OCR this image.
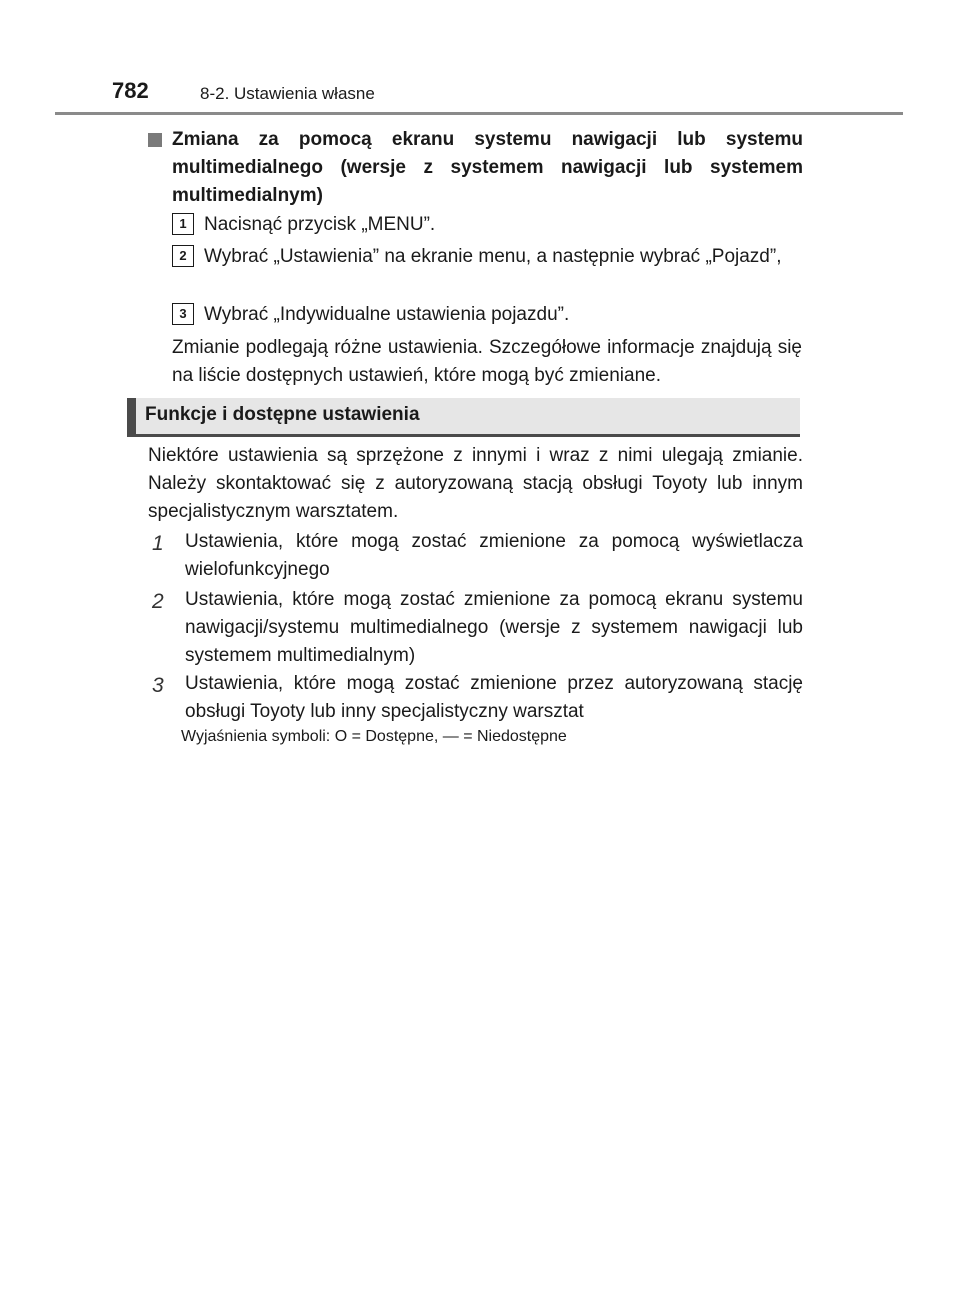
782	8-2. Ustawienia własne
Zmiana za pomocą ekranu systemu nawigacji lub systemu multimedialnego (wersje z systemem nawigacji lub systemem multimedialnym)
1 Nacisnąć przycisk „MENU”.
2 Wybrać „Ustawienia” na ekranie menu, a następnie wybrać „Pojazd”,
3 Wybrać „Indywidualne ustawienia pojazdu”.
Zmianie podlegają różne ustawienia. Szczegółowe informacje znajdują się na liście dostępnych ustawień, które mogą być zmieniane.
Funkcje i dostępne ustawienia
Niektóre ustawienia są sprzężone z innymi i wraz z nimi ulegają zmianie. Należy skontaktować się z autoryzowaną stacją obsługi Toyoty lub innym specjalistycznym warsztatem.
1 Ustawienia, które mogą zostać zmienione za pomocą wyświetlacza wielofunkcyjnego
2 Ustawienia, które mogą zostać zmienione za pomocą ekranu systemu nawigacji/systemu multimedialnego (wersje z systemem nawigacji lub systemem multimedialnym)
3 Ustawienia, które mogą zostać zmienione przez autoryzowaną stację obsługi Toyoty lub inny specjalistyczny warsztat
Wyjaśnienia symboli: O = Dostępne, — = Niedostępne
